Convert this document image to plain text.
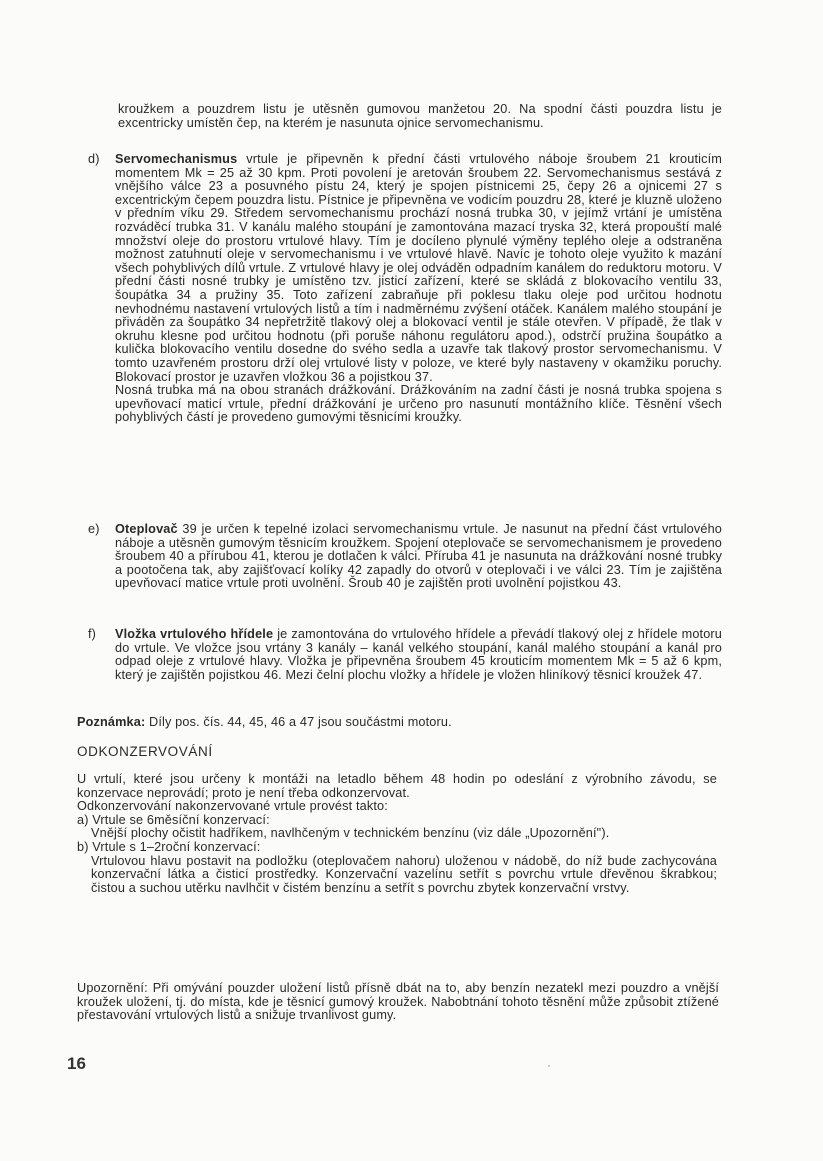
kroužkem a pouzdrem listu je utěsněn gumovou manžetou 20. Na spodní části pouzdra listu je excentricky umístěn čep, na kterém je nasunuta ojnice servomechanismu.

d)	Servomechanismus vrtule je připevněn k přední části vrtulového náboje šroubem 21 krouticím momentem Mk = 25 až 30 kpm. Proti povolení je aretován šroubem 22. Servomechanismus sestává z vnějšího válce 23 a posuvného pístu 24, který je spojen pístnicemi 25, čepy 26 a ojnicemi 27 s excentrickým čepem pouzdra listu. Pístnice je připevněna ve vodicím pouzdru 28, které je kluzně uloženo v předním víku 29. Středem servomechanismu prochází nosná trubka 30, v jejímž vrtání je umístěna rozváděcí trubka 31. V kanálu malého stoupání je zamontována mazací tryska 32, která propouští malé množství oleje do prostoru vrtulové hlavy. Tím je docíleno plynulé výměny teplého oleje a odstraněna možnost zatuhnutí oleje v servomechanismu i ve vrtulové hlavě. Navíc je tohoto oleje využito k mazání všech pohyblivých dílů vrtule. Z vrtulové hlavy je olej odváděn odpadním kanálem do reduktoru motoru. V přední části nosné trubky je umístěno tzv. jisticí zařízení, které se skládá z blokovacího ventilu 33, šoupátka 34 a pružiny 35. Toto zařízení zabraňuje při poklesu tlaku oleje pod určitou hodnotu nevhodnému nastavení vrtulových listů a tím i nadměrnému zvýšení otáček. Kanálem malého stoupání je přiváděn za šoupátko 34 nepřetržitě tlakový olej a blokovací ventil je stále otevřen. V případě, že tlak v okruhu klesne pod určitou hodnotu (při poruše náhonu regulátoru apod.), odstrčí pružina šoupátko a kulička blokovacího ventilu dosedne do svého sedla a uzavře tak tlakový prostor servomechanismu. V tomto uzavřeném prostoru drží olej vrtulové listy v poloze, ve které byly nastaveny v okamžiku poruchy. Blokovací prostor je uzavřen vložkou 36 a pojistkou 37.

Nosná trubka má na obou stranách drážkování. Drážkováním na zadní části je nosná trubka spojena s upevňovací maticí vrtule, přední drážkování je určeno pro nasunutí montážního klíče. Těsnění všech pohyblivých částí je provedeno gumovými těsnicími kroužky.

e)	Oteplovač 39 je určen k tepelné izolaci servomechanismu vrtule. Je nasunut na přední část vrtulového náboje a utěsněn gumovým těsnicím kroužkem. Spojení oteplovače se servomechanismem je provedeno šroubem 40 a přírubou 41, kterou je dotlačen k válci. Příruba 41 je nasunuta na drážkování nosné trubky a pootočena tak, aby zajišťovací kolíky 42 zapadly do otvorů v oteplovači i ve válci 23. Tím je zajištěna upevňovací matice vrtule proti uvolnění. Šroub 40 je zajištěn proti uvolnění pojistkou 43.

f)	Vložka vrtulového hřídele je zamontována do vrtulového hřídele a převádí tlakový olej z hřídele motoru do vrtule. Ve vložce jsou vrtány 3 kanály – kanál velkého stoupání, kanál malého stoupání a kanál pro odpad oleje z vrtulové hlavy. Vložka je připevněna šroubem 45 krouticím momentem Mk = 5 až 6 kpm, který je zajištěn pojistkou 46. Mezi čelní plochu vložky a hřídele je vložen hliníkový těsnicí kroužek 47.

Poznámka: Díly pos. čís. 44, 45, 46 a 47 jsou součástmi motoru.

ODKONZERVOVÁNÍ

U vrtulí, které jsou určeny k montáži na letadlo během 48 hodin po odeslání z výrobního závodu, se konzervace neprovádí; proto je není třeba odkonzervovat.

Odkonzervování nakonzervované vrtule provést takto:

a) Vrtule se 6měsíční konzervací:

Vnější plochy očistit hadříkem, navlhčeným v technickém benzínu (viz dále „Upozornění").

b) Vrtule s 1–2roční konzervací:

Vrtulovou hlavu postavit na podložku (oteplovačem nahoru) uloženou v nádobě, do níž bude zachycována konzervační látka a čisticí prostředky. Konzervační vazelínu setřít s povrchu vrtule dřevěnou škrabkou; čistou a suchou utěrku navlhčit v čistém benzínu a setřít s povrchu zbytek konzervační vrstvy.

Upozornění: Při omývání pouzder uložení listů přísně dbát na to, aby benzín nezatekl mezi pouzdro a vnější kroužek uložení, tj. do místa, kde je těsnicí gumový kroužek. Nabobtnání tohoto těsnění může způsobit ztížené přestavování vrtulových listů a snižuje trvanlivost gumy.

16
